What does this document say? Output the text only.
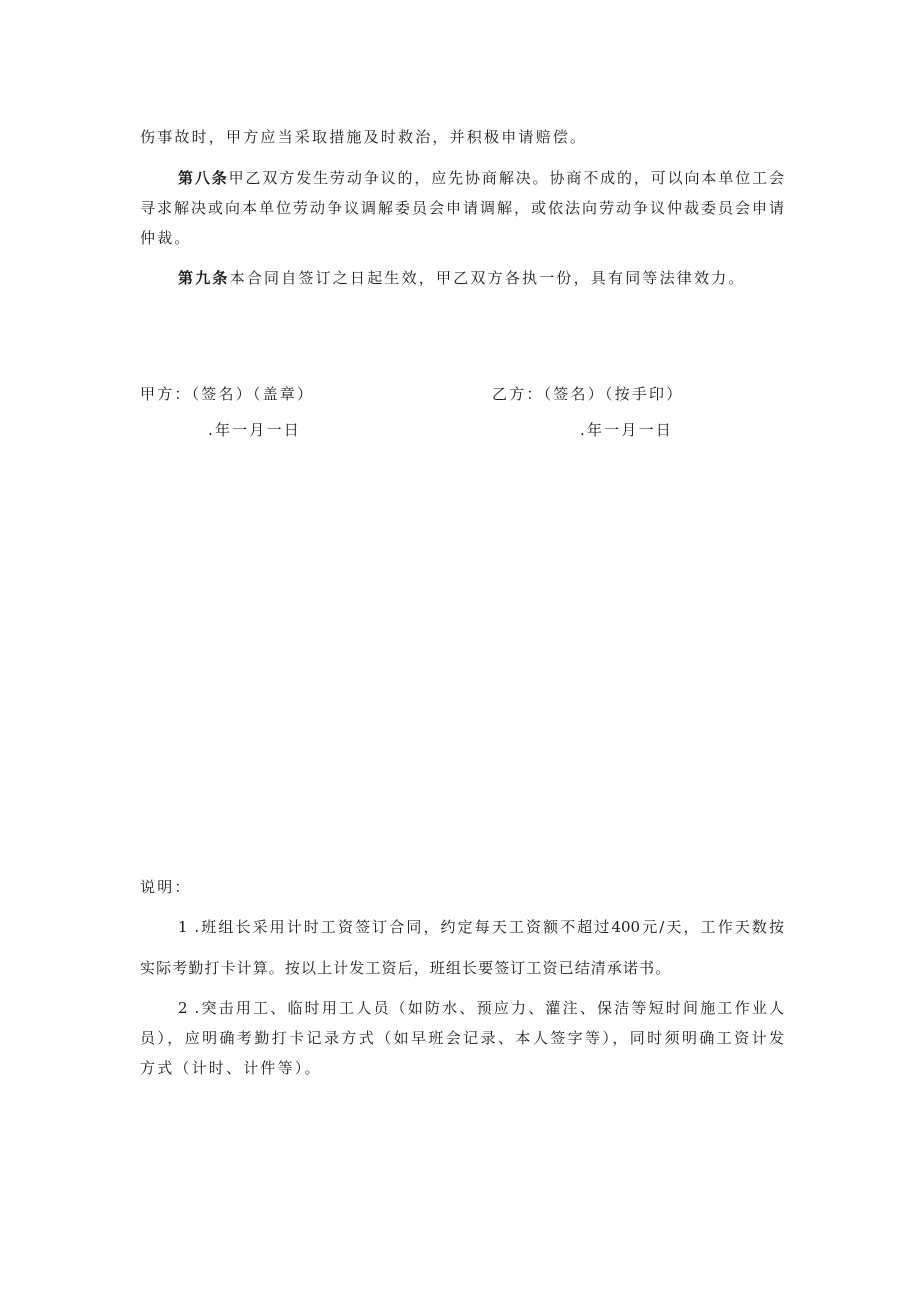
伤事故时，甲方应当采取措施及时救治，并积极申请赔偿。
第八条甲乙双方发生劳动争议的，应先协商解决。协商不成的，可以向本单位工会
寻求解决或向本单位劳动争议调解委员会申请调解，或依法向劳动争议仲裁委员会申请
仲裁。
第九条本合同自签订之日起生效，甲乙双方各执一份，具有同等法律效力。
甲方：（签名）（盖章）
.年一月一日
乙方：（签名）（按手印）
.年一月一日
说明：
1 .班组长采用计时工资签订合同，约定每天工资额不超过400元/天，工作天数按
实际考勤打卡计算。按以上计发工资后，班组长要签订工资已结清承诺书。
2 .突击用工、临时用工人员（如防水、预应力、灌注、保洁等短时间施工作业人
员），应明确考勤打卡记录方式（如早班会记录、本人签字等），同时须明确工资计发
方式（计时、计件等）。
